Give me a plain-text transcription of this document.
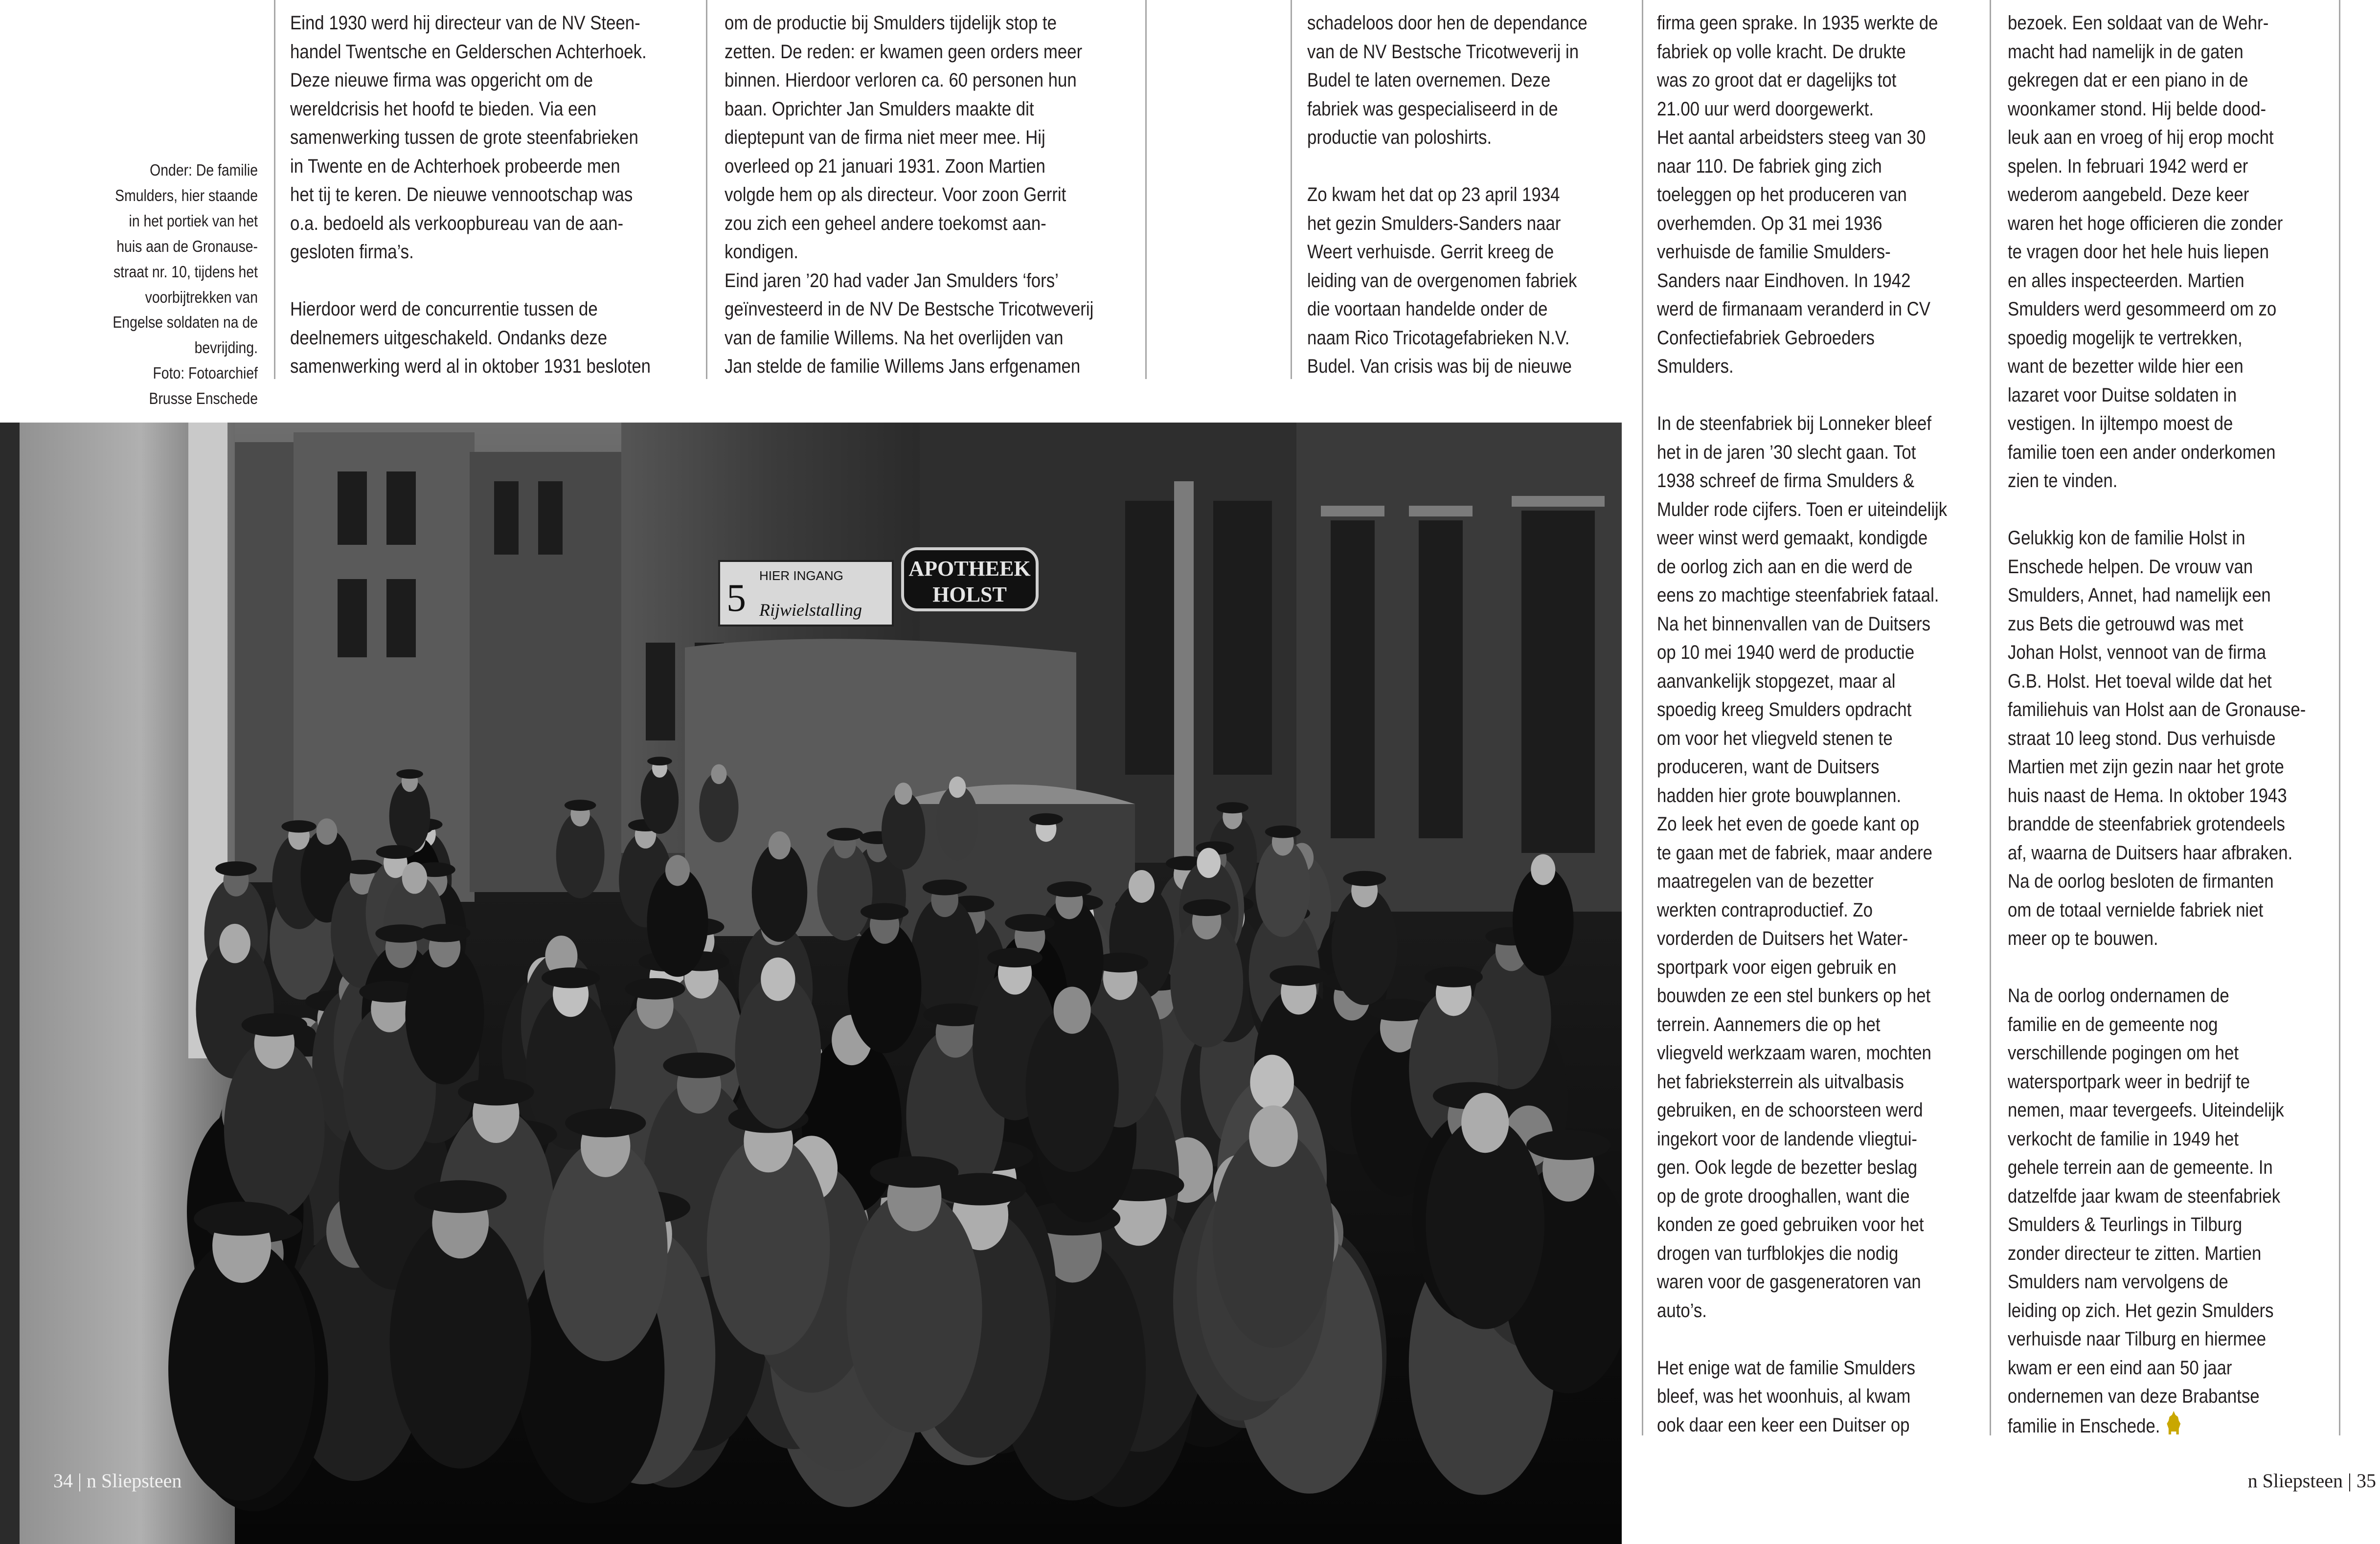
Onder: De familie
Smulders, hier staande
in het portiek van het
huis aan de Gronause-
straat nr. 10, tijdens het
voorbijtrekken van
Engelse soldaten na de
bevrijding.
Foto: Fotoarchief
Brusse Enschede
Eind 1930 werd hij directeur van de NV Steen-
handel Twentsche en Gelderschen Achterhoek.
Deze nieuwe firma was opgericht om de
wereldcrisis het hoofd te bieden. Via een
samenwerking tussen de grote steenfabrieken
in Twente en de Achterhoek probeerde men
het tij te keren. De nieuwe vennootschap was
o.a. bedoeld als verkoopbureau van de aan-
gesloten firma’s.
Hierdoor werd de concurrentie tussen de
deelnemers uitgeschakeld. Ondanks deze
samenwerking werd al in oktober 1931 besloten
om de productie bij Smulders tijdelijk stop te
zetten. De reden: er kwamen geen orders meer
binnen. Hierdoor verloren ca. 60 personen hun
baan. Oprichter Jan Smulders maakte dit
dieptepunt van de firma niet meer mee. Hij
overleed op 21 januari 1931. Zoon Martien
volgde hem op als directeur. Voor zoon Gerrit
zou zich een geheel andere toekomst aan-
kondigen.
Eind jaren ’20 had vader Jan Smulders ‘fors’
geïnvesteerd in de NV De Bestsche Tricotweverij
van de familie Willems. Na het overlijden van
Jan stelde de familie Willems Jans erfgenamen
schadeloos door hen de dependance
van de NV Bestsche Tricotweverij in
Budel te laten overnemen. Deze
fabriek was gespecialiseerd in de
productie van poloshirts.
Zo kwam het dat op 23 april 1934
het gezin Smulders-Sanders naar
Weert verhuisde. Gerrit kreeg de
leiding van de overgenomen fabriek
die voortaan handelde onder de
naam Rico Tricotagefabrieken N.V.
Budel. Van crisis was bij de nieuwe
firma geen sprake. In 1935 werkte de
fabriek op volle kracht. De drukte
was zo groot dat er dagelijks tot
21.00 uur werd doorgewerkt.
Het aantal arbeidsters steeg van 30
naar 110. De fabriek ging zich
toeleggen op het produceren van
overhemden. Op 31 mei 1936
verhuisde de familie Smulders-
Sanders naar Eindhoven. In 1942
werd de firmanaam veranderd in CV
Confectiefabriek Gebroeders
Smulders.
In de steenfabriek bij Lonneker bleef
het in de jaren ’30 slecht gaan. Tot
1938 schreef de firma Smulders &
Mulder rode cijfers. Toen er uiteindelijk
weer winst werd gemaakt, kondigde
de oorlog zich aan en die werd de
eens zo machtige steenfabriek fataal.
Na het binnenvallen van de Duitsers
op 10 mei 1940 werd de productie
aanvankelijk stopgezet, maar al
spoedig kreeg Smulders opdracht
om voor het vliegveld stenen te
produceren, want de Duitsers
hadden hier grote bouwplannen.
Zo leek het even de goede kant op
te gaan met de fabriek, maar andere
maatregelen van de bezetter
werkten contraproductief. Zo
vorderden de Duitsers het Water-
sportpark voor eigen gebruik en
bouwden ze een stel bunkers op het
terrein. Aannemers die op het
vliegveld werkzaam waren, mochten
het fabrieksterrein als uitvalbasis
gebruiken, en de schoorsteen werd
ingekort voor de landende vliegtui-
gen. Ook legde de bezetter beslag
op de grote drooghallen, want die
konden ze goed gebruiken voor het
drogen van turfblokjes die nodig
waren voor de gasgeneratoren van
auto’s.
Het enige wat de familie Smulders
bleef, was het woonhuis, al kwam
ook daar een keer een Duitser op
bezoek. Een soldaat van de Wehr-
macht had namelijk in de gaten
gekregen dat er een piano in de
woonkamer stond. Hij belde dood-
leuk aan en vroeg of hij erop mocht
spelen. In februari 1942 werd er
wederom aangebeld. Deze keer
waren het hoge officieren die zonder
te vragen door het hele huis liepen
en alles inspecteerden. Martien
Smulders werd gesommeerd om zo
spoedig mogelijk te vertrekken,
want de bezetter wilde hier een
lazaret voor Duitse soldaten in
vestigen. In ijltempo moest de
familie toen een ander onderkomen
zien te vinden.
Gelukkig kon de familie Holst in
Enschede helpen. De vrouw van
Smulders, Annet, had namelijk een
zus Bets die getrouwd was met
Johan Holst, vennoot van de firma
G.B. Holst. Het toeval wilde dat het
familiehuis van Holst aan de Gronause-
straat 10 leeg stond. Dus verhuisde
Martien met zijn gezin naar het grote
huis naast de Hema. In oktober 1943
brandde de steenfabriek grotendeels
af, waarna de Duitsers haar afbraken.
Na de oorlog besloten de firmanten
om de totaal vernielde fabriek niet
meer op te bouwen.
Na de oorlog ondernamen de
familie en de gemeente nog
verschillende pogingen om het
watersportpark weer in bedrijf te
nemen, maar tevergeefs. Uiteindelijk
verkocht de familie in 1949 het
gehele terrein aan de gemeente. In
datzelfde jaar kwam de steenfabriek
Smulders & Teurlings in Tilburg
zonder directeur te zitten. Martien
Smulders nam vervolgens de
leiding op zich. Het gezin Smulders
verhuisde naar Tilburg en hiermee
kwam er een eind aan 50 jaar
ondernemen van deze Brabantse
familie in Enschede.
5
HIER INGANG
Rijwielstalling
APOTHEEK
HOLST
34 | n Sliepsteen	n Sliepsteen | 35
